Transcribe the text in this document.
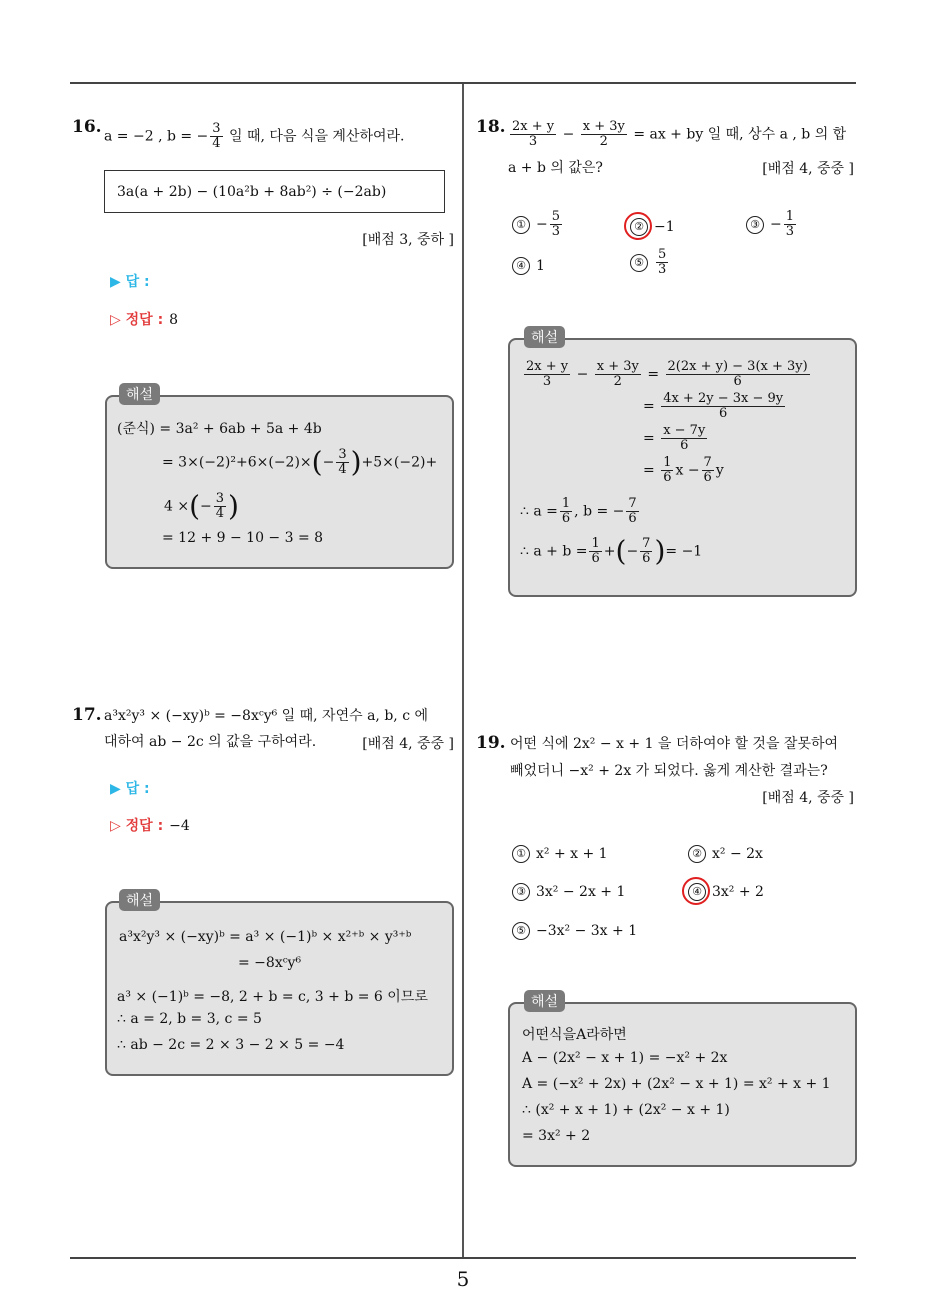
5
16. a = −2 , b = − $\frac{3}{4}$ 일 때, 다음 식을 계산하여라.
3a(a + 2b) − (10a²b + 8ab²) ÷ (−2ab)
[배점 3, 중하 ]
▶ 답 :
▷ 정답 : 8
해설
(준식) = 3a² + 6ab + 5a + 4b
= $3\times(-2)^2+6\times(-2)\times(- \frac{3}{4} )+5\times(-2)+$
4 ×(− $\frac{3}{4}$ )
= 12 + 9 − 10 − 3 = 8
17. a³x²y³ × (−xy)ᵇ = −8xᶜy⁶ 일 때, 자연수 a, b, c 에
대하여 ab − 2c 의 값을 구하여라.	[배점 4, 중중 ]
▶ 답 :
▷ 정답 : −4
해설
a³x²y³ × (−xy)ᵇ = a³ × (−1)ᵇ × x²⁺ᵇ × y³⁺ᵇ
= −8xᶜy⁶
a³ × (−1)ᵇ = −8, 2 + b = c, 3 + b = 6 이므로
∴ a = 2, b = 3, c = 5
∴ ab − 2c = 2 × 3 − 2 × 5 = −4
18. $\frac{2x + y}{3} - \frac{x + 3y}{2}$ = ax + by 일 때, 상수 a , b 의 합
a + b 의 값은?	[배점 4, 중중 ]
① − $\frac{5}{3}$	② −1	③ − $\frac{1}{3}$
④ 1	⑤ $\frac{5}{3}$
해설
$\frac{2x + y}{3} - \frac{x + 3y}{2} = \frac{2(2x + y) - 3(x + 3y)}{6}$
= $\frac{4x + 2y - 3x - 9y}{6}$
= $\frac{x - 7y}{6}$
= $\frac{1}{6}$ $x - \frac{7}{6}$ y
∴ $a = \frac{1}{6}$ , b = − $\frac{7}{6}$
∴ $a + b = \frac{1}{6}$ +(− $\frac{7}{6}$ )= −1
19. 어떤 식에 2x² − x + 1 을 더하여야 할 것을 잘못하여
빼었더니 −x² + 2x 가 되었다. 옳게 계산한 결과는?
[배점 4, 중중 ]
① x² + x + 1	② x² − 2x
③ 3x² − 2x + 1	④ 3x² + 2
⑤ −3x² − 3x + 1
해설
어떤식을A라하면
A − (2x² − x + 1) = −x² + 2x
A = (−x² + 2x) + (2x² − x + 1) = x² + x + 1
∴ (x² + x + 1) + (2x² − x + 1)
= 3x² + 2
